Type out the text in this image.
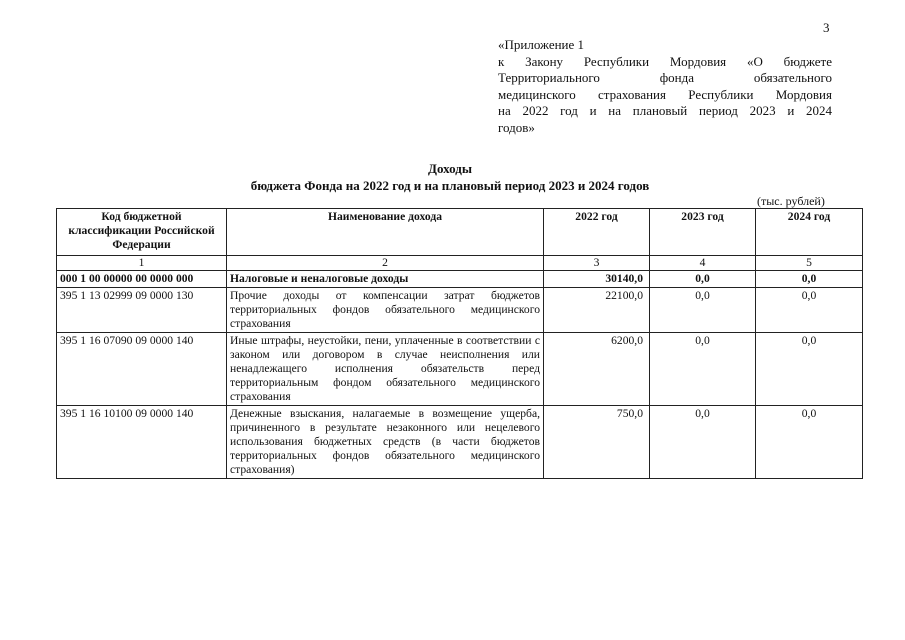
3
«Приложение 1
к Закону Республики Мордовия «О бюджете
Территориального фонда обязательного
медицинского страхования Республики Мордовия
на 2022 год и на плановый период 2023 и 2024
годов»
Доходы
бюджета Фонда на 2022 год и на плановый период 2023 и 2024 годов
(тыс. рублей)
Код бюджетной классификации Российской Федерации	Наименование дохода	2022 год	2023 год	2024 год
1	2	3	4	5
000 1 00 00000 00 0000 000	Налоговые и неналоговые доходы	30140,0	0,0	0,0
395 1 13 02999 09 0000 130	Прочие доходы от компенсации затрат бюджетов территориальных фондов обязательного медицинского страхования	22100,0	0,0	0,0
395 1 16 07090 09 0000 140	Иные штрафы, неустойки, пени, уплаченные в соответствии с законом или договором в случае неисполнения или ненадлежащего исполнения обязательств перед территориальным фондом обязательного медицинского страхования	6200,0	0,0	0,0
395 1 16 10100 09 0000 140	Денежные взыскания, налагаемые в возмещение ущерба, причиненного в результате незаконного или нецелевого использования бюджетных средств (в части бюджетов территориальных фондов обязательного медицинского страхования)	750,0	0,0	0,0
